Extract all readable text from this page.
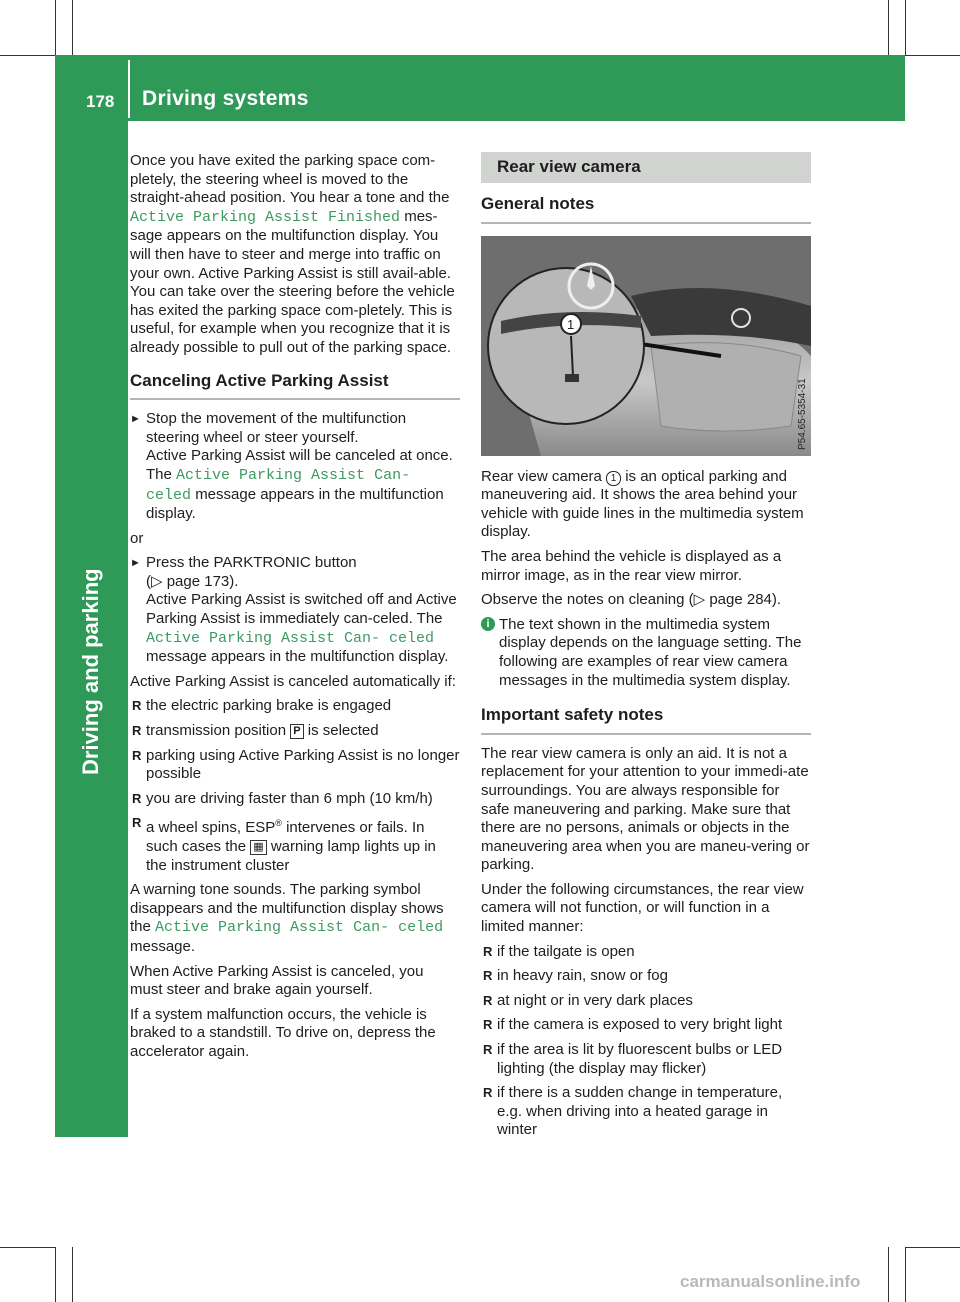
178 Driving systems
Driving and parking

Once you have exited the parking space com-pletely, the steering wheel is moved to the straight-ahead position. You hear a tone and the Active Parking Assist Finished mes-sage appears on the multifunction display. You will then have to steer and merge into traffic on your own. Active Parking Assist is still avail-able. You can take over the steering before the vehicle has exited the parking space com-pletely. This is useful, for example when you recognize that it is already possible to pull out of the parking space.

Canceling Active Parking Assist
► Stop the movement of the multifunction steering wheel or steer yourself.
Active Parking Assist will be canceled at once. The Active Parking Assist Can‐ celed message appears in the multifunction display.

or

► Press the PARKTRONIC button
(▷ page 173).
Active Parking Assist is switched off and Active Parking Assist is immediately can-celed. The Active Parking Assist Can‐ celed message appears in the multifunction display.

Active Parking Assist is canceled automatically if:

R the electric parking brake is engaged
R transmission position P is selected
R parking using Active Parking Assist is no longer possible
R you are driving faster than 6 mph (10 km/h)
R a wheel spins, ESP® intervenes or fails. In such cases the ▦ warning lamp lights up in the instrument cluster

A warning tone sounds. The parking symbol disappears and the multifunction display shows the Active Parking Assist Can‐ celed message.

When Active Parking Assist is canceled, you must steer and brake again yourself.

If a system malfunction occurs, the vehicle is braked to a standstill. To drive on, depress the accelerator again.

Rear view camera
General notes
1
P54.65-5354-31

Rear view camera 1 is an optical parking and maneuvering aid. It shows the area behind your vehicle with guide lines in the multimedia system display.

The area behind the vehicle is displayed as a mirror image, as in the rear view mirror.

Observe the notes on cleaning (▷ page 284).

i The text shown in the multimedia system display depends on the language setting. The following are examples of rear view camera messages in the multimedia system display.
Important safety notes

The rear view camera is only an aid. It is not a replacement for your attention to your immedi-ate surroundings. You are always responsible for safe maneuvering and parking. Make sure that there are no persons, animals or objects in the maneuvering area when you are maneu-vering or parking.

Under the following circumstances, the rear view camera will not function, or will function in a limited manner:

R if the tailgate is open
R in heavy rain, snow or fog
R at night or in very dark places
R if the camera is exposed to very bright light
R if the area is lit by fluorescent bulbs or LED lighting (the display may flicker)
R if there is a sudden change in temperature, e.g. when driving into a heated garage in winter
carmanualsonline.info
